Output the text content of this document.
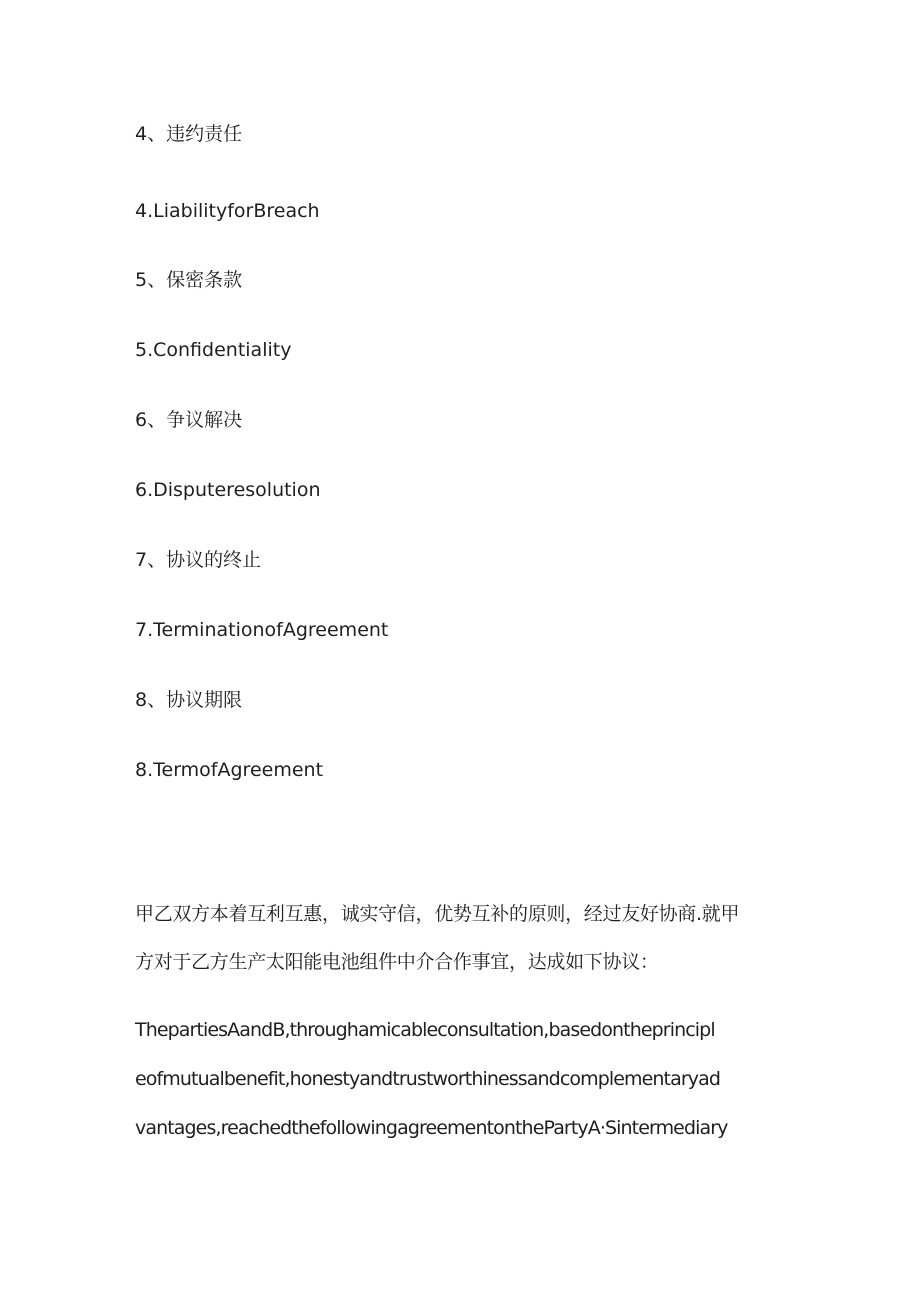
4、违约责任
4.LiabilityforBreach
5、保密条款
5.Confidentiality
6、争议解决
6.Disputeresolution
7、协议的终止
7.TerminationofAgreement
8、协议期限
8.TermofAgreement
甲乙双方本着互利互惠，诚实守信，优势互补的原则，经过友好协商.就甲
方对于乙方生产太阳能电池组件中介合作事宜，达成如下协议：
ThepartiesAandB,throughamicableconsultation,basedontheprincipl
eofmutualbenefit,honestyandtrustworthinessandcomplementaryad
vantages,reachedthefollowingagreementonthePartyA·Sintermediary
